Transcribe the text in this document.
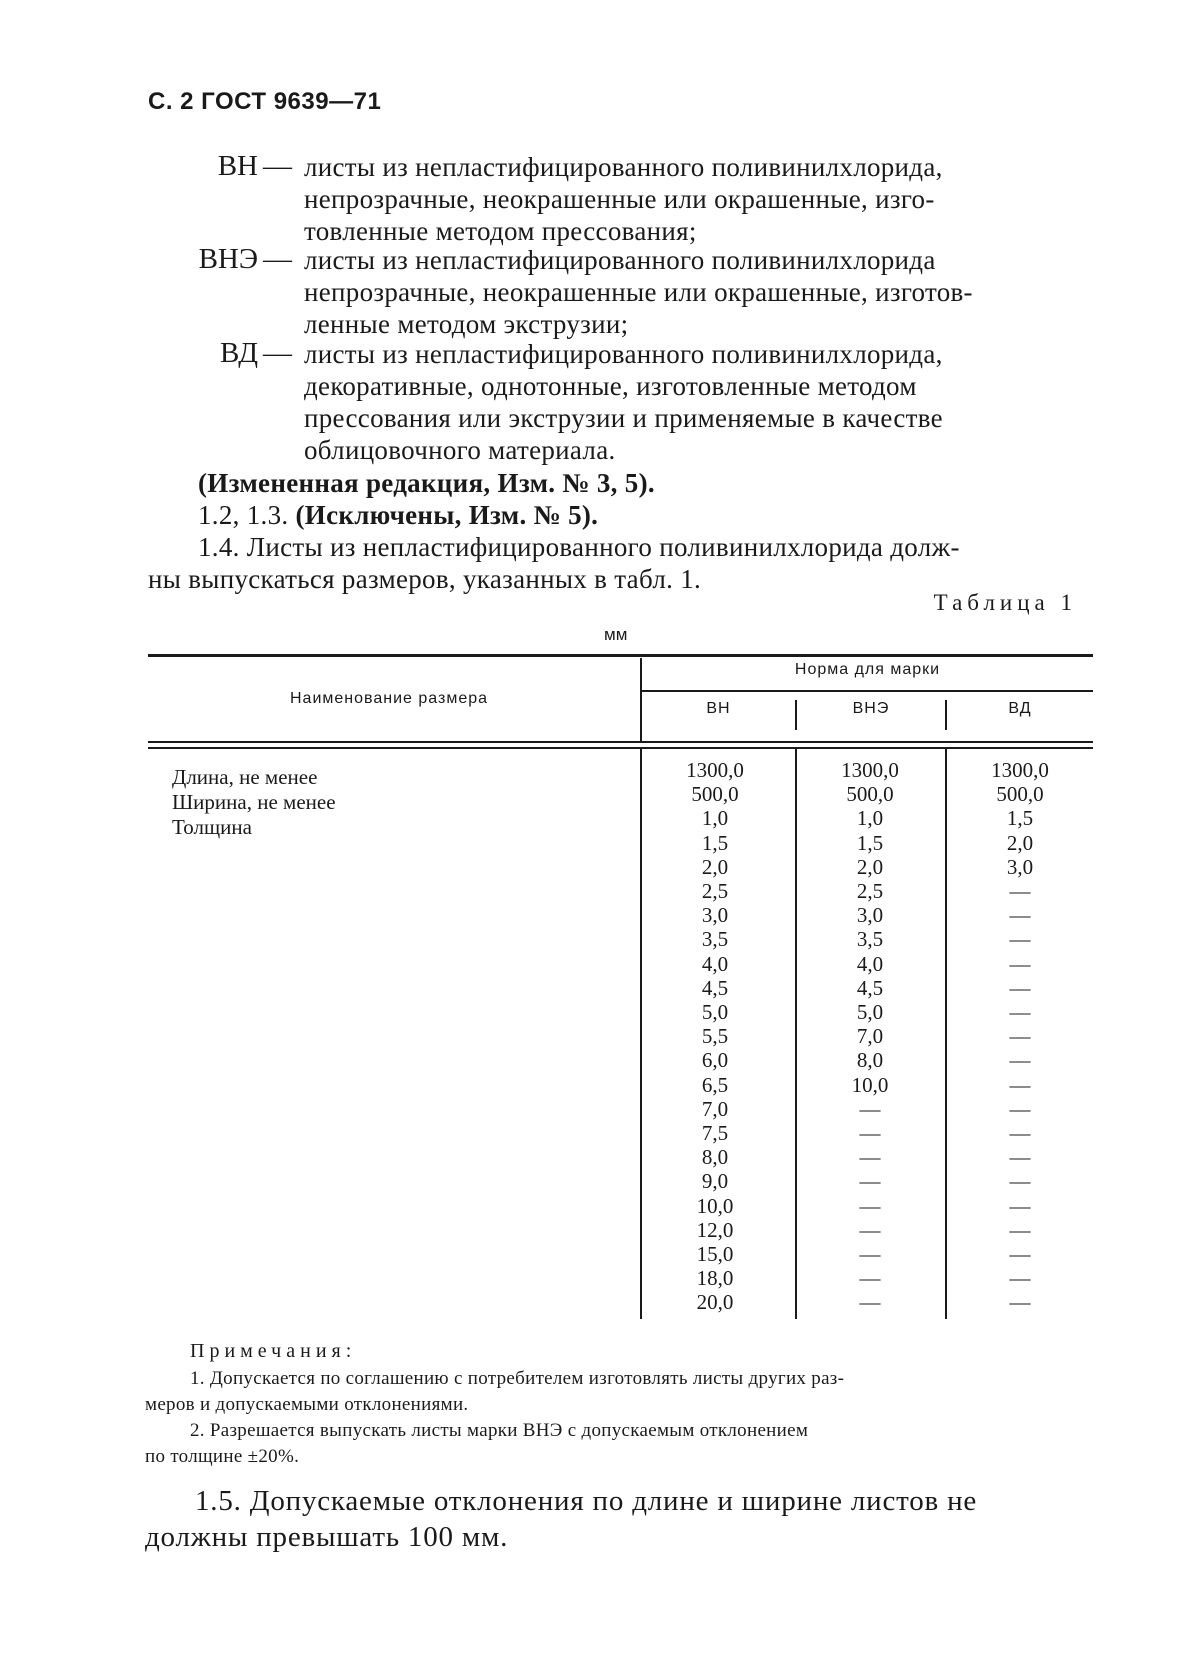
С. 2 ГОСТ 9639—71
ВН — листы из непластифицированного поливинилхлорида,
непрозрачные, неокрашенные или окрашенные, изго-
товленные методом прессования;
ВНЭ — листы из непластифицированного поливинилхлорида
непрозрачные, неокрашенные или окрашенные, изготов-
ленные методом экструзии;
ВД — листы из непластифицированного поливинилхлорида,
декоративные, однотонные, изготовленные методом
прессования или экструзии и применяемые в качестве
облицовочного материала.
(Измененная редакция, Изм. № 3, 5).
1.2, 1.3. (Исключены, Изм. № 5).
1.4. Листы из непластифицированного поливинилхлорида долж-
ны выпускаться размеров, указанных в табл. 1.
Таблица 1
мм
Наименование размера
Норма для марки
ВН	ВНЭ	ВД
Длина, не менее
Ширина, не менее
Толщина
1300,0
500,0
1,0
1,5
2,0
2,5
3,0
3,5
4,0
4,5
5,0
5,5
6,0
6,5
7,0
7,5
8,0
9,0
10,0
12,0
15,0
18,0
20,0
1300,0
500,0
1,0
1,5
2,0
2,5
3,0
3,5
4,0
4,5
5,0
7,0
8,0
10,0
—
—
—
—
—
—
—
—
—
1300,0
500,0
1,5
2,0
3,0
—
—
—
—
—
—
—
—
—
—
—
—
—
—
—
—
—
—
Примечания:
1. Допускается по соглашению с потребителем изготовлять листы других раз-
меров и допускаемыми отклонениями.
2. Разрешается выпускать листы марки ВНЭ с допускаемым отклонением
по толщине ±20%.
1.5. Допускаемые отклонения по длине и ширине листов не
должны превышать 100 мм.
